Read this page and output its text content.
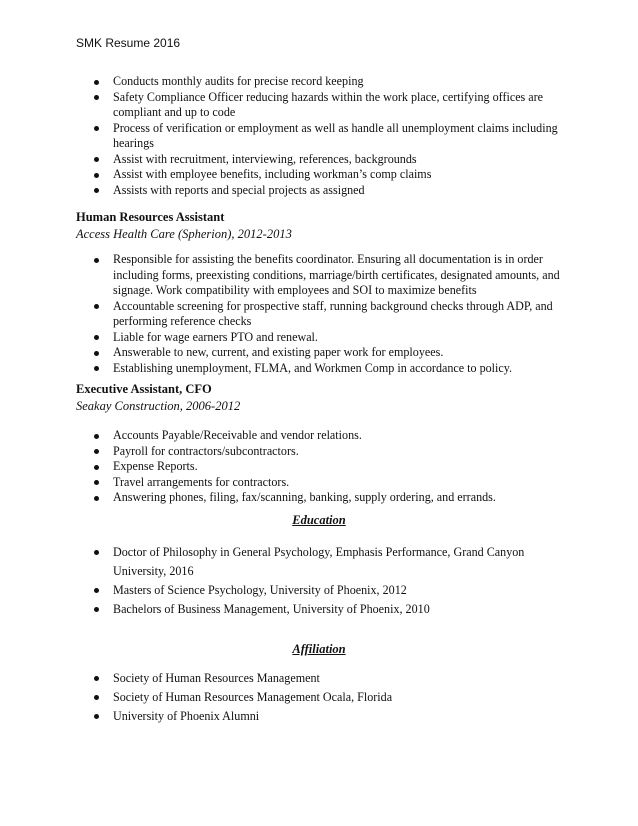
SMK Resume 2016
Conducts monthly audits for precise record keeping
Safety Compliance Officer reducing hazards within the work place, certifying offices are compliant and up to code
Process of verification or employment as well as handle all unemployment claims including hearings
Assist with recruitment, interviewing, references, backgrounds
Assist with employee benefits, including workman’s comp claims
Assists with reports and special projects as assigned
Human Resources Assistant
Access Health Care (Spherion), 2012-2013
Responsible for assisting the benefits coordinator. Ensuring all documentation is in order including forms, preexisting conditions, marriage/birth certificates, designated amounts, and signage. Work compatibility with employees and SOI to maximize benefits
Accountable screening for prospective staff, running background checks through ADP, and performing reference checks
Liable for wage earners PTO and renewal.
Answerable to new, current, and existing paper work for employees.
Establishing unemployment, FLMA, and Workmen Comp in accordance to policy.
Executive Assistant, CFO
Seakay Construction, 2006-2012
Accounts Payable/Receivable and vendor relations.
Payroll for contractors/subcontractors.
Expense Reports.
Travel arrangements for contractors.
Answering phones, filing, fax/scanning, banking, supply ordering, and errands.
Education
Doctor of Philosophy in General Psychology, Emphasis Performance, Grand Canyon University, 2016
Masters of Science Psychology, University of Phoenix, 2012
Bachelors of Business Management, University of Phoenix, 2010
Affiliation
Society of Human Resources Management
Society of Human Resources Management Ocala, Florida
University of Phoenix Alumni
